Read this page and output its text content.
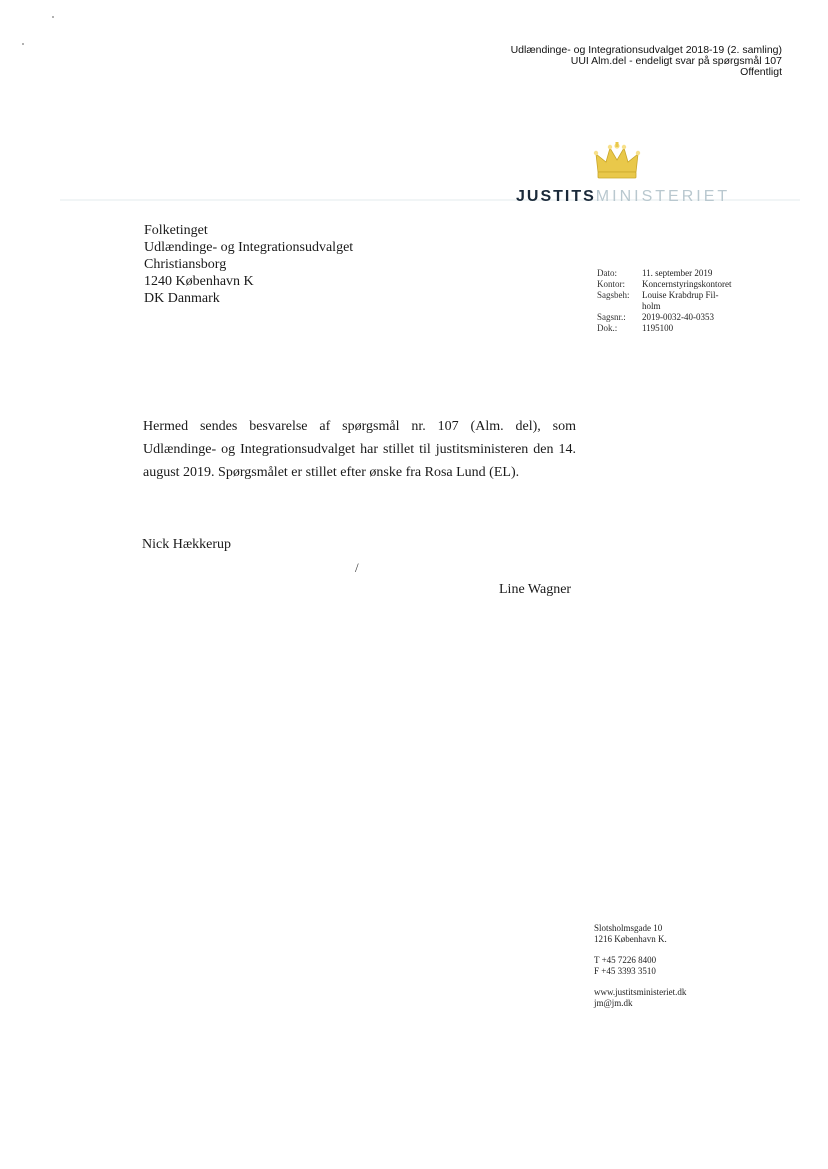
Udlændinge- og Integrationsudvalget 2018-19 (2. samling)
UUI Alm.del - endeligt svar på spørgsmål 107
Offentligt
JUSTITSMINISTERIET
Folketinget
Udlændinge- og Integrationsudvalget
Christiansborg
1240 København K
DK Danmark
Dato:	11. september 2019
Kontor:	Koncernstyringskontoret
Sagsbeh:	Louise Krabdrup Fil-
holm

Sagsnr.:	2019-0032-40-0353
Dok.:	1195100
Hermed sendes besvarelse af spørgsmål nr. 107 (Alm. del), som Udlændinge- og Integrationsudvalget har stillet til justitsministeren den 14. august 2019. Spørgsmålet er stillet efter ønske fra Rosa Lund (EL).
Nick Hækkerup
/
Line Wagner
Slotsholmsgade 10
1216 København K.
T +45 7226 8400
F +45 3393 3510
www.justitsministeriet.dk
jm@jm.dk
